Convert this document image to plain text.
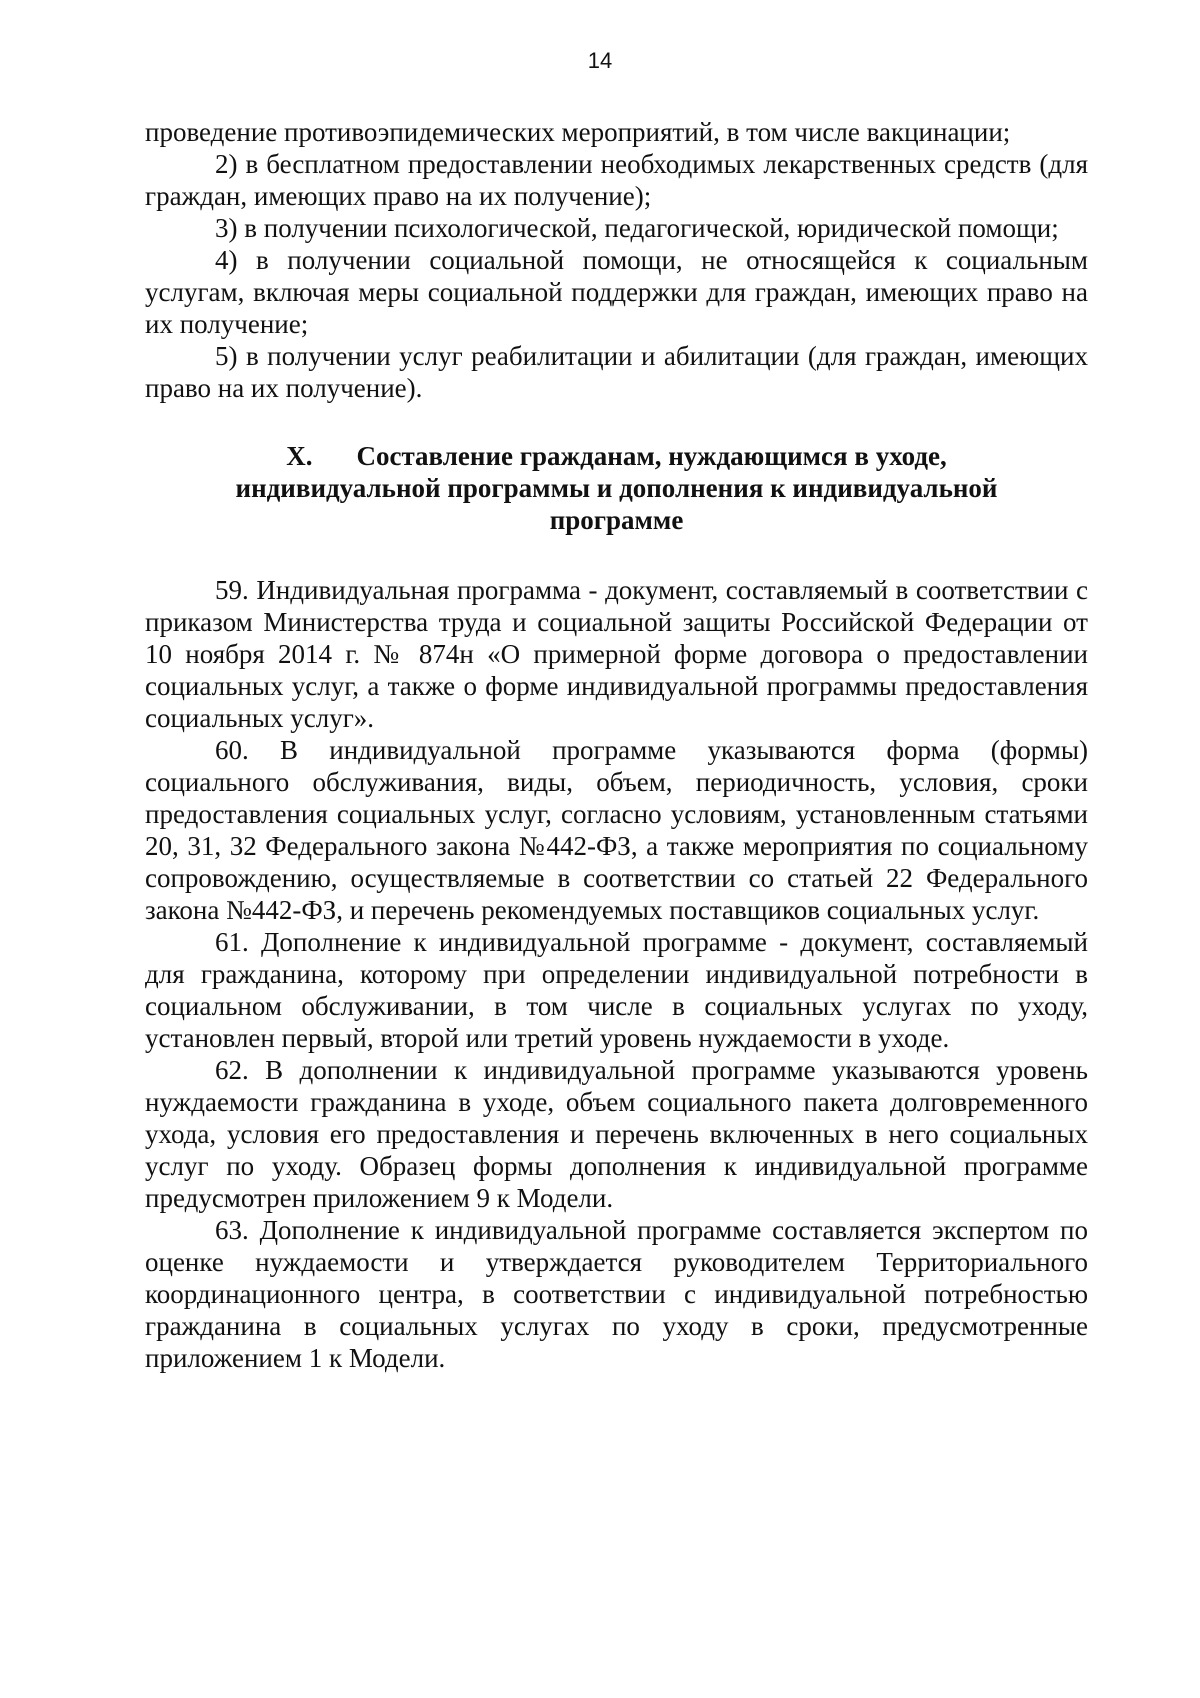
14

проведение противоэпидемических мероприятий, в том числе вакцинации;

2) в бесплатном предоставлении необходимых лекарственных средств (для граждан, имеющих право на их получение);

3) в получении психологической, педагогической, юридической помощи;

4) в получении социальной помощи, не относящейся к социальным услугам, включая меры социальной поддержки для граждан, имеющих право на их получение;

5) в получении услуг реабилитации и абилитации (для граждан, имеющих право на их получение).

X. Составление гражданам, нуждающимся в уходе,
индивидуальной программы и дополнения к индивидуальной
программе

59. Индивидуальная программа - документ, составляемый в соответствии с приказом Министерства труда и социальной защиты Российской Федерации от 10 ноября 2014 г. № 874н «О примерной форме договора о предоставлении социальных услуг, а также о форме индивидуальной программы предоставления социальных услуг».

60. В индивидуальной программе указываются форма (формы) социального обслуживания, виды, объем, периодичность, условия, сроки предоставления социальных услуг, согласно условиям, установленным статьями 20, 31, 32 Федерального закона №442-ФЗ, а также мероприятия по социальному сопровождению, осуществляемые в соответствии со статьей 22 Федерального закона №442-ФЗ, и перечень рекомендуемых поставщиков социальных услуг.

61. Дополнение к индивидуальной программе - документ, составляемый для гражданина, которому при определении индивидуальной потребности в социальном обслуживании, в том числе в социальных услугах по уходу, установлен первый, второй или третий уровень нуждаемости в уходе.

62. В дополнении к индивидуальной программе указываются уровень нуждаемости гражданина в уходе, объем социального пакета долговременного ухода, условия его предоставления и перечень включенных в него социальных услуг по уходу. Образец формы дополнения к индивидуальной программе предусмотрен приложением 9 к Модели.

63. Дополнение к индивидуальной программе составляется экспертом по оценке нуждаемости и утверждается руководителем Территориального координационного центра, в соответствии с индивидуальной потребностью гражданина в социальных услугах по уходу в сроки, предусмотренные приложением 1 к Модели.
